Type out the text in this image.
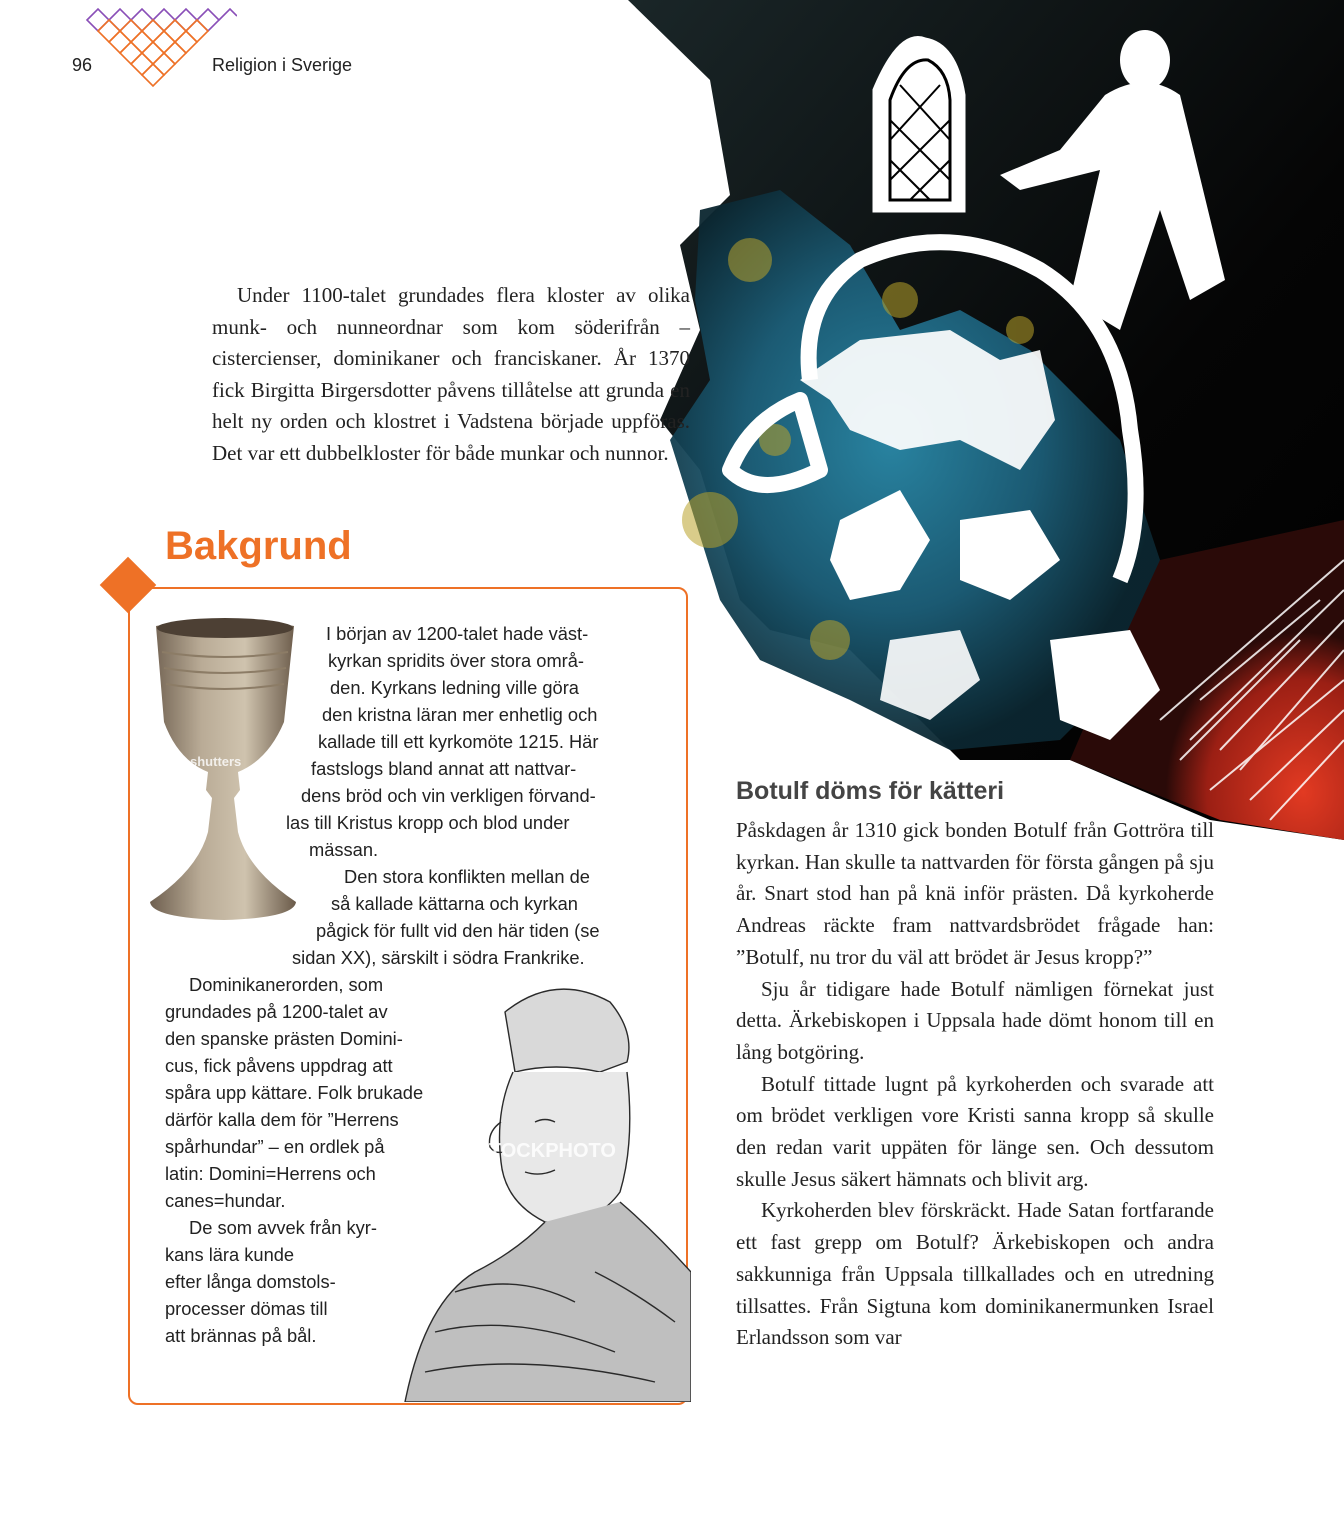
96	Religion i Sverige

Under 1100-talet grundades flera kloster av olika munk- och nunneordnar som kom söderifrån – cistercienser, dominikaner och franciskaner. År 1370 fick Birgitta Birgersdotter påvens tillåtelse att grunda en helt ny orden och klostret i Vadstena började uppföras. Det var ett dubbelkloster för både munkar och nunnor.

Bakgrund
shutters
ISTOCKPHOTO
I början av 1200-talet hade väst-
kyrkan spridits över stora områ-
den. Kyrkans ledning ville göra
den kristna läran mer enhetlig och
kallade till ett kyrkomöte 1215. Här
fastslogs bland annat att nattvar-
dens bröd och vin verkligen förvand-
las till Kristus kropp och blod under
mässan.
Den stora konflikten mellan de
så kallade kättarna och kyrkan
pågick för fullt vid den här tiden (se
sidan XX), särskilt i södra Frankrike.
Dominikanerorden, som
grundades på 1200-talet av
den spanske prästen Domini-
cus, fick påvens uppdrag att
spåra upp kättare. Folk brukade
därför kalla dem för ”Herrens
spårhundar” – en ordlek på
latin: Domini=Herrens och
canes=hundar.
De som avvek från kyr-
kans lära kunde
efter långa domstols-
processer dömas till
att brännas på bål.
Botulf döms för kätteri

Påskdagen år 1310 gick bonden Botulf från Gottröra till kyrkan. Han skulle ta nattvarden för första gången på sju år. Snart stod han på knä inför prästen. Då kyrkoherde Andreas räckte fram nattvardsbrödet frågade han: ”Botulf, nu tror du väl att brödet är Jesus kropp?”

Sju år tidigare hade Botulf nämligen förnekat just detta. Ärkebiskopen i Uppsala hade dömt honom till en lång botgöring.

Botulf tittade lugnt på kyrkoherden och svarade att om brödet verkligen vore Kristi sanna kropp så skulle den redan varit uppäten för länge sen. Och dessutom skulle Jesus säkert hämnats och blivit arg.

Kyrkoherden blev förskräckt. Hade Satan fortfarande ett fast grepp om Botulf? Ärkebiskopen och andra sakkunniga från Uppsala tillkallades och en utredning tillsattes. Från Sigtuna kom dominikanermunken Israel Erlandsson som var
